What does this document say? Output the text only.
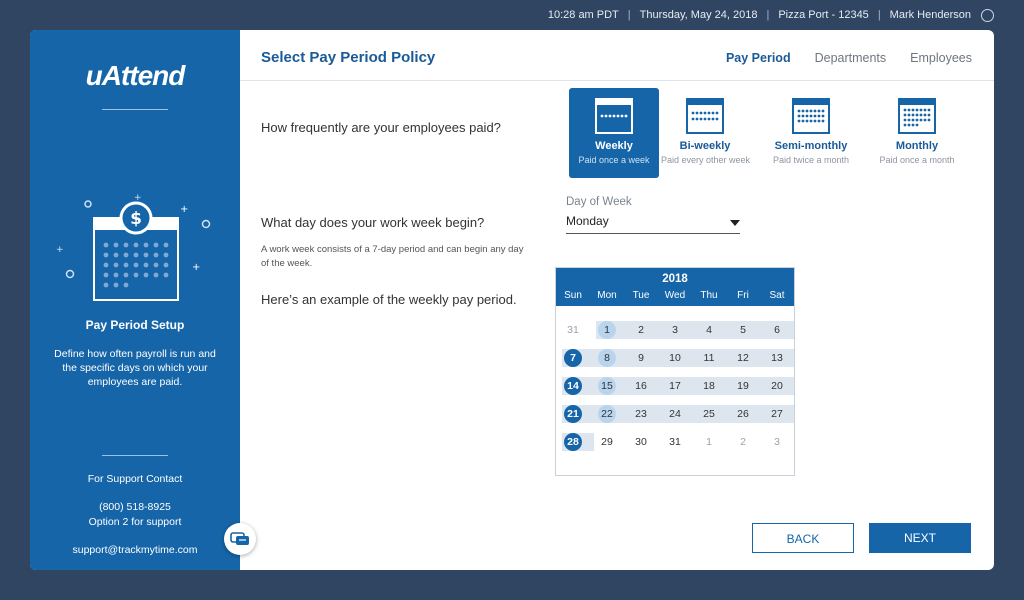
10:28 am PDT | Thursday, May 24, 2018 | Pizza Port - 12345 | Mark Henderson
uAttend
+
+
+
+
$
Pay Period Setup
Define how often payroll is run and the specific days on which your employees are paid.
For Support Contact
(800) 518-8925
Option 2 for support
support@trackmytime.com
Select Pay Period Policy	Pay Period Departments Employees
How frequently are your employees paid?
Weekly
Paid once a week
Bi-weekly
Paid every other week
Semi-monthly
Paid twice a month
Monthly
Paid once a month
What day does your work week begin?
A work week consists of a 7-day period and can begin any day of the week.
Here’s an example of the weekly pay period.
Day of Week
Monday
2018
Sun	Mon	Tue	Wed	Thu	Fri	Sat
31	1	2	3	4	5	6
7	8	9	10	11	12	13
14	15	16	17	18	19	20
21	22	23	24	25	26	27
28	29	30	31	1	2	3
BACK	NEXT
